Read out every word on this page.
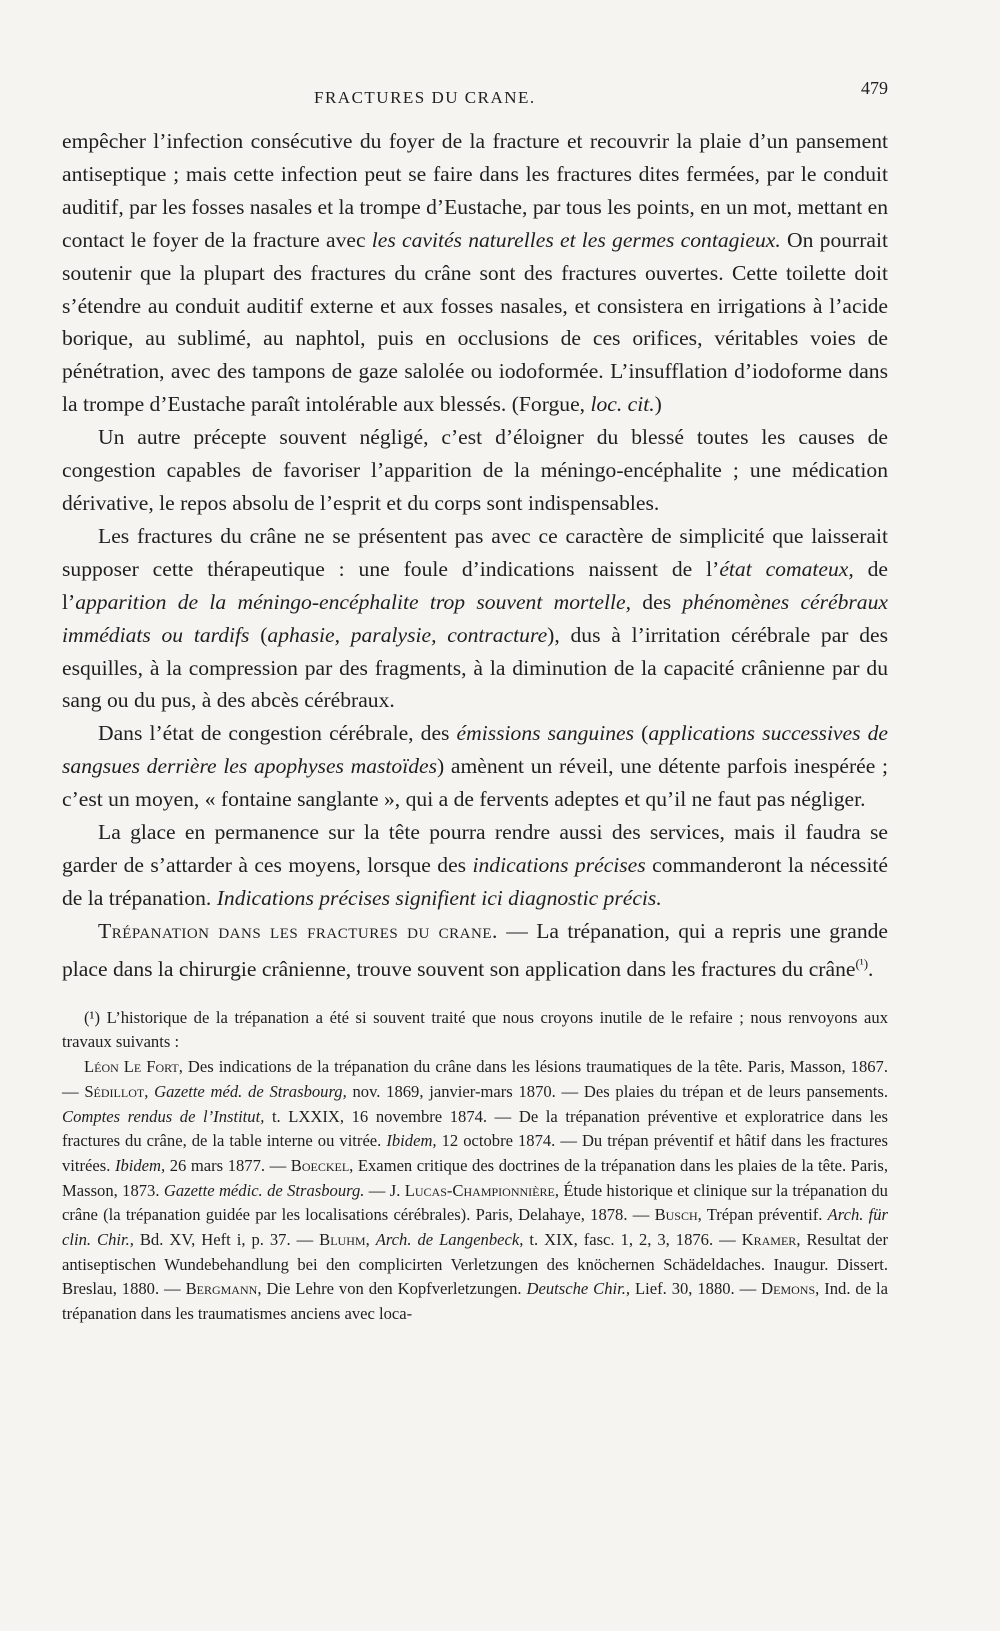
FRACTURES DU CRANE.	479

empêcher l’infection consécutive du foyer de la fracture et recouvrir la plaie d’un pansement antiseptique ; mais cette infection peut se faire dans les fractures dites fermées, par le conduit auditif, par les fosses nasales et la trompe d’Eustache, par tous les points, en un mot, mettant en contact le foyer de la fracture avec les cavités naturelles et les germes contagieux. On pourrait soutenir que la plupart des fractures du crâne sont des fractures ouvertes. Cette toilette doit s’étendre au conduit auditif externe et aux fosses nasales, et consistera en irrigations à l’acide borique, au sublimé, au naphtol, puis en occlusions de ces orifices, véritables voies de pénétration, avec des tampons de gaze salolée ou iodoformée. L’insufflation d’iodoforme dans la trompe d’Eustache paraît intolérable aux blessés. (Forgue, loc. cit.)

Un autre précepte souvent négligé, c’est d’éloigner du blessé toutes les causes de congestion capables de favoriser l’apparition de la méningo-encéphalite ; une médication dérivative, le repos absolu de l’esprit et du corps sont indispensables.

Les fractures du crâne ne se présentent pas avec ce caractère de simplicité que laisserait supposer cette thérapeutique : une foule d’indications naissent de l’état comateux, de l’apparition de la méningo-encéphalite trop souvent mortelle, des phénomènes cérébraux immédiats ou tardifs (aphasie, paralysie, contracture), dus à l’irritation cérébrale par des esquilles, à la compression par des fragments, à la diminution de la capacité crânienne par du sang ou du pus, à des abcès cérébraux.

Dans l’état de congestion cérébrale, des émissions sanguines (applications successives de sangsues derrière les apophyses mastoïdes) amènent un réveil, une détente parfois inespérée ; c’est un moyen, « fontaine sanglante », qui a de fervents adeptes et qu’il ne faut pas négliger.

La glace en permanence sur la tête pourra rendre aussi des services, mais il faudra se garder de s’attarder à ces moyens, lorsque des indications précises commanderont la nécessité de la trépanation. Indications précises signifient ici diagnostic précis.

Trépanation dans les fractures du crane. — La trépanation, qui a repris une grande place dans la chirurgie crânienne, trouve souvent son application dans les fractures du crâne$^{(^1)}$.

(¹) L’historique de la trépanation a été si souvent traité que nous croyons inutile de le refaire ; nous renvoyons aux travaux suivants :

Léon Le Fort, Des indications de la trépanation du crâne dans les lésions traumatiques de la tête. Paris, Masson, 1867. — Sédillot, Gazette méd. de Strasbourg, nov. 1869, janvier-mars 1870. — Des plaies du trépan et de leurs pansements. Comptes rendus de l’Institut, t. LXXIX, 16 novembre 1874. — De la trépanation préventive et exploratrice dans les fractures du crâne, de la table interne ou vitrée. Ibidem, 12 octobre 1874. — Du trépan préventif et hâtif dans les fractures vitrées. Ibidem, 26 mars 1877. — Boeckel, Examen critique des doctrines de la trépanation dans les plaies de la tête. Paris, Masson, 1873. Gazette médic. de Strasbourg. — J. Lucas-Championnière, Étude historique et clinique sur la trépanation du crâne (la trépanation guidée par les localisations cérébrales). Paris, Delahaye, 1878. — Busch, Trépan préventif. Arch. für clin. Chir., Bd. XV, Heft i, p. 37. — Bluhm, Arch. de Langenbeck, t. XIX, fasc. 1, 2, 3, 1876. — Kramer, Resultat der antiseptischen Wundebehandlung bei den complicirten Verletzungen des knöchernen Schädeldaches. Inaugur. Dissert. Breslau, 1880. — Bergmann, Die Lehre von den Kopfverletzungen. Deutsche Chir., Lief. 30, 1880. — Demons, Ind. de la trépanation dans les traumatismes anciens avec loca-
